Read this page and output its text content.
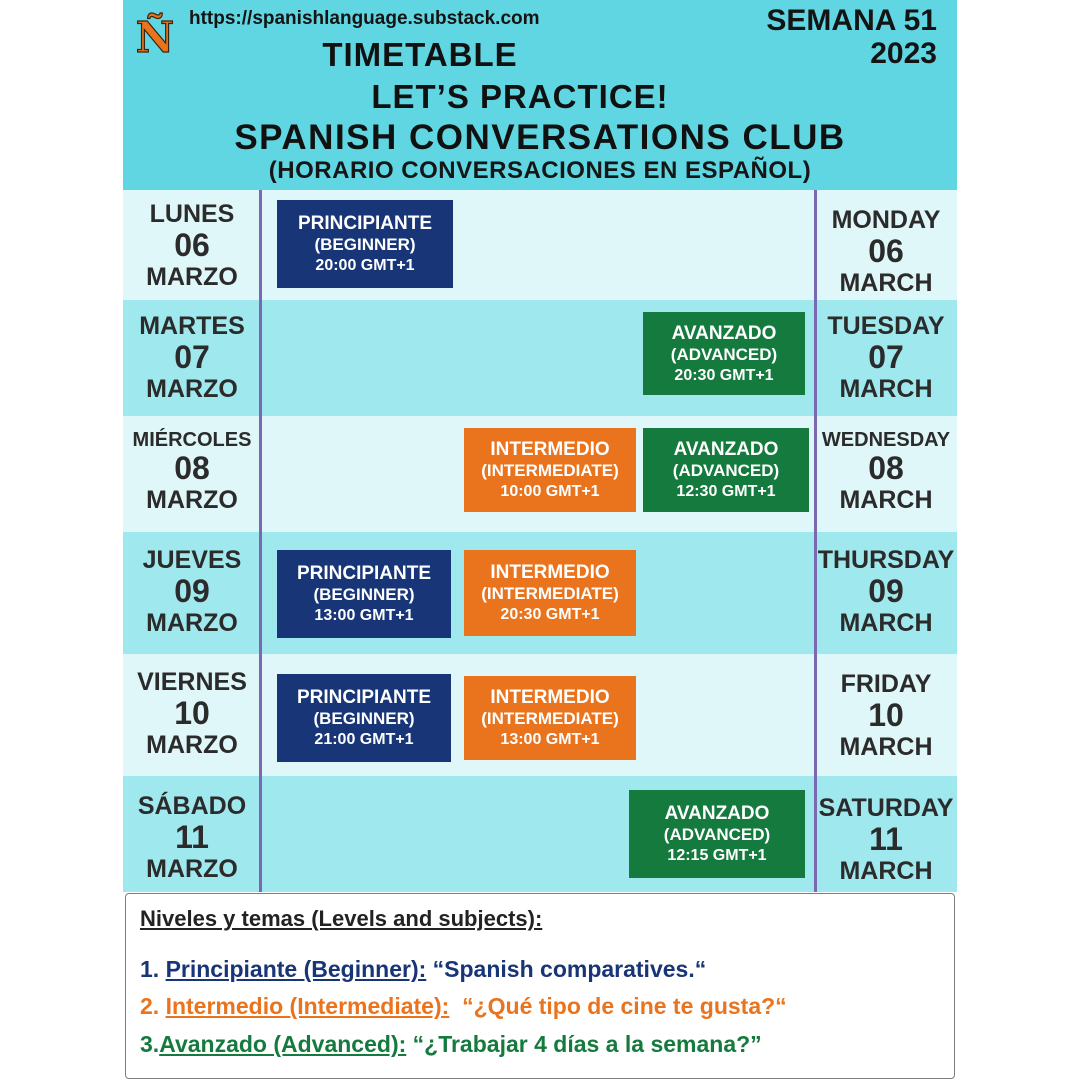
Ñ https://spanishlanguage.substack.com	SEMANA 51
2023
TIMETABLE
LET’S PRACTICE!
SPANISH CONVERSATIONS CLUB
(HORARIO CONVERSACIONES EN ESPAÑOL)
LUNES
06
MARZO
PRINCIPIANTE
(BEGINNER)
20:00 GMT+1
MONDAY
06
MARCH
MARTES
07
MARZO
AVANZADO
(ADVANCED)
20:30 GMT+1
TUESDAY
07
MARCH
MIÉRCOLES
08
MARZO
INTERMEDIO
(INTERMEDIATE)
10:00 GMT+1
AVANZADO
(ADVANCED)
12:30 GMT+1
WEDNESDAY
08
MARCH
JUEVES
09
MARZO
PRINCIPIANTE
(BEGINNER)
13:00 GMT+1
INTERMEDIO
(INTERMEDIATE)
20:30 GMT+1
THURSDAY
09
MARCH
VIERNES
10
MARZO
PRINCIPIANTE
(BEGINNER)
21:00 GMT+1
INTERMEDIO
(INTERMEDIATE)
13:00 GMT+1
FRIDAY
10
MARCH
SÁBADO
11
MARZO
AVANZADO
(ADVANCED)
12:15 GMT+1
SATURDAY
11
MARCH
Niveles y temas (Levels and subjects):
1. Principiante (Beginner): “Spanish comparatives.“
2. Intermedio (Intermediate):  “¿Qué tipo de cine te gusta?“
3.Avanzado (Advanced): “¿Trabajar 4 días a la semana?”
